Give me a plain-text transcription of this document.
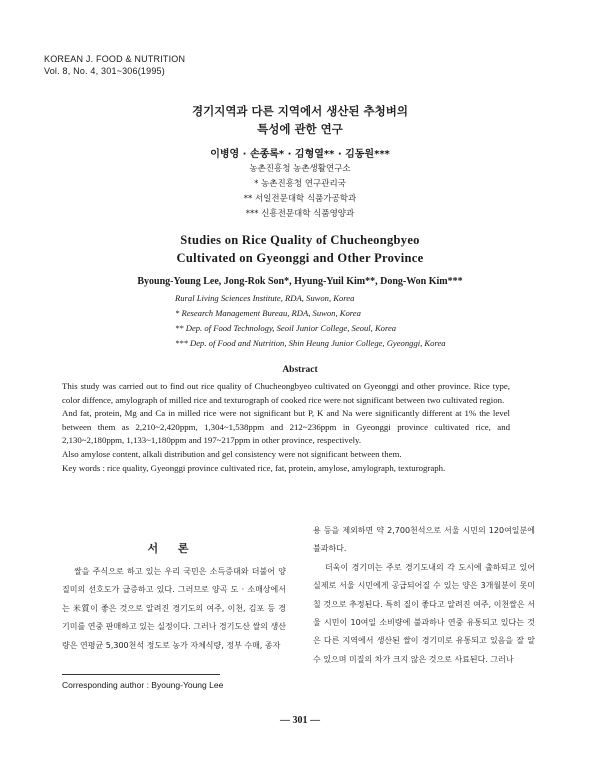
KOREAN J. FOOD & NUTRITION
Vol. 8, No. 4, 301~306(1995)
경기지역과 다른 지역에서 생산된 추청벼의
특성에 관한 연구
이병영 · 손종록* · 김형열** · 김동원***
농촌진흥청 농촌생활연구소
* 농촌진흥청 연구관리국
** 서일전문대학 식품가공학과
*** 신흥전문대학 식품영양과
Studies on Rice Quality of Chucheongbyeo
Cultivated on Gyeonggi and Other Province
Byoung-Young Lee, Jong-Rok Son*, Hyung-Yuil Kim**, Dong-Won Kim***
Rural Living Sciences Institute, RDA, Suwon, Korea
* Research Management Bureau, RDA, Suwon, Korea
** Dep. of Food Technology, Seoil Junior College, Seoul, Korea
*** Dep. of Food and Nutrition, Shin Heung Junior College, Gyeonggi, Korea
Abstract

This study was carried out to find out rice quality of Chucheongbyeo cultivated on Gyeonggi and other province. Rice type, color diffence, amylograph of milled rice and texturograph of cooked rice were not significant between two cultivated region.

And fat, protein, Mg and Ca in milled rice were not significant but P, K and Na were significantly different at 1% the level between them as 2,210~2,420ppm, 1,304~1,538ppm and 212~236ppm in Gyeonggi province cultivated rice, and 2,130~2,180ppm, 1,133~1,180ppm and 197~217ppm in other province, respectively.

Also amylose content, alkali distribution and gel consistency were not significant between them.

Key words : rice quality, Gyeonggi province cultivated rice, fat, protein, amylose, amylograph, texturograph.
서 론

쌀을 주식으로 하고 있는 우리 국민은 소득증대와 더불어 양질미의 선호도가 급증하고 있다. 그러므로 양곡 도 · 소매상에서는 米質이 좋은 것으로 알려진 경기도의 여주, 이천, 김포 등 경기미를 연중 판매하고 있는 실정이다. 그러나 경기도산 쌀의 생산량은 연평균 5,300천석 정도로 농가 자체식량, 정부 수매, 종자

용 등을 제외하면 약 2,700천석으로 서울 시민의 120여일분에 불과하다.

더욱이 경기미는 주로 경기도내의 각 도시에 출하되고 있어 실제로 서울 시민에게 공급되어질 수 있는 양은 3개월분이 못미칠 것으로 추정된다. 특히 질이 좋다고 알려진 여주, 이천쌀은 서울 시민이 10여일 소비량에 불과하나 연중 유통되고 있다는 것은 다른 지역에서 생산된 쌀이 경기미로 유통되고 있음을 잘 알 수 있으며 미질의 차가 크지 않은 것으로 사료된다. 그러나

Corresponding author : Byoung-Young Lee
— 301 —
